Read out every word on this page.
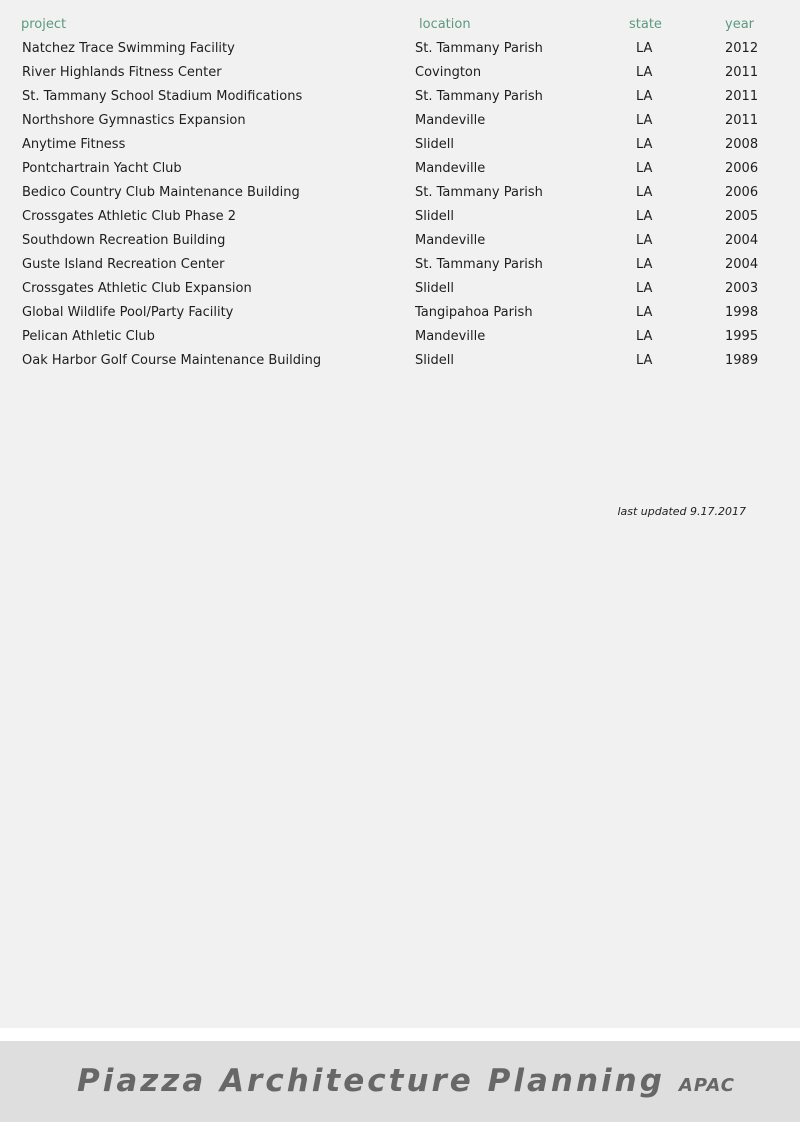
project	location	state	year
Natchez Trace Swimming Facility	St. Tammany Parish	LA	2012
River Highlands Fitness Center	Covington	LA	2011
St. Tammany School Stadium Modifications	St. Tammany Parish	LA	2011
Northshore Gymnastics Expansion	Mandeville	LA	2011
Anytime Fitness	Slidell	LA	2008
Pontchartrain Yacht Club	Mandeville	LA	2006
Bedico Country Club Maintenance Building	St. Tammany Parish	LA	2006
Crossgates Athletic Club Phase 2	Slidell	LA	2005
Southdown Recreation Building	Mandeville	LA	2004
Guste Island Recreation Center	St. Tammany Parish	LA	2004
Crossgates Athletic Club Expansion	Slidell	LA	2003
Global Wildlife Pool/Party Facility	Tangipahoa Parish	LA	1998
Pelican Athletic Club	Mandeville	LA	1995
Oak Harbor Golf Course Maintenance Building	Slidell	LA	1989
last updated 9.17.2017
Piazza Architecture Planning APAC
